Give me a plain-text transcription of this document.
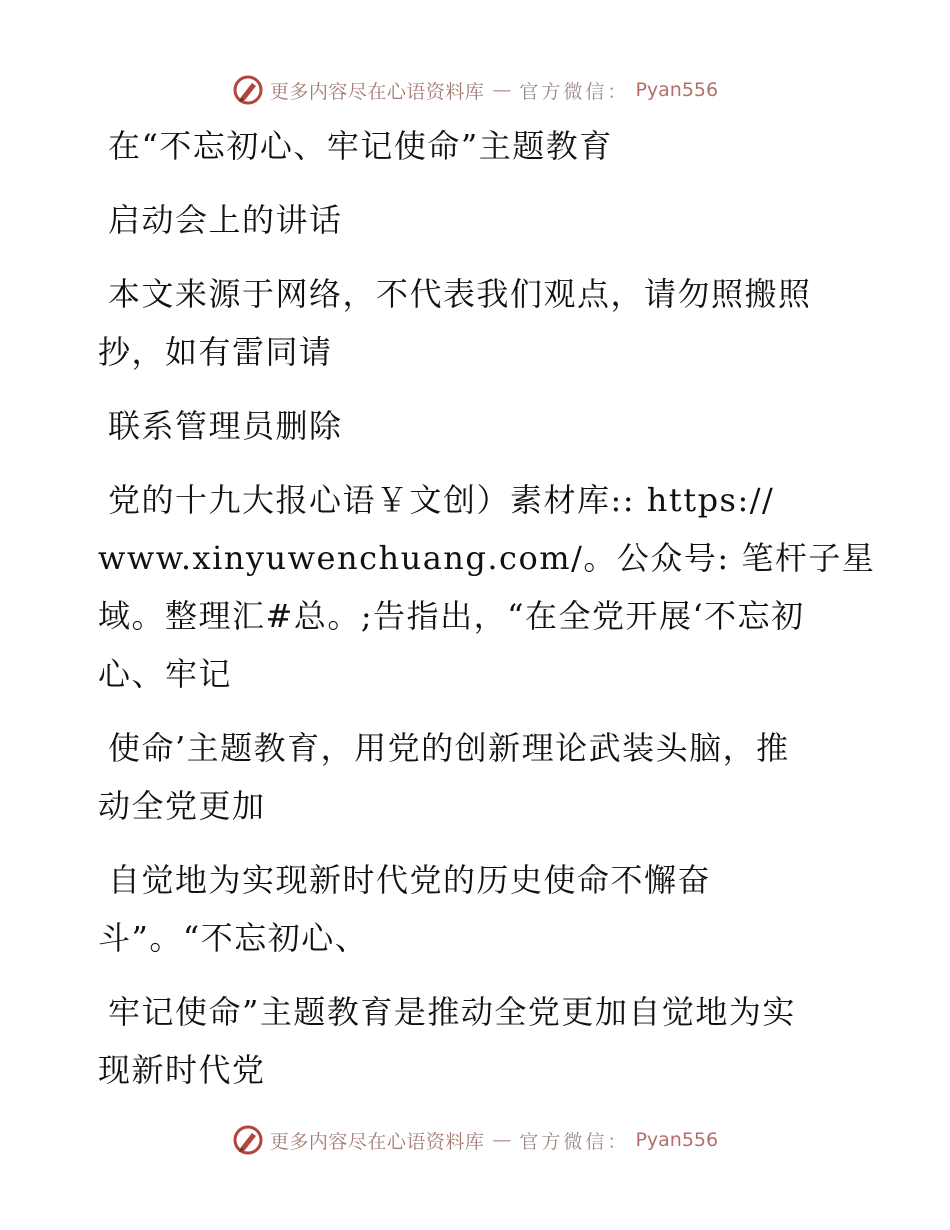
更多内容尽在心语资料库 — 官方微信： Pyan556
在“不忘初心、牢记使命”主题教育
启动会上的讲话
本文来源于网络，不代表我们观点，请勿照搬照
抄，如有雷同请
联系管理员删除
党的十九大报心语￥文创）素材库:: https://
www.xinyuwenchuang.com/。公众号: 笔杆子星
域。整理汇#总。;告指出，“在全党开展‘不忘初
心、牢记
使命’主题教育，用党的创新理论武装头脑，推
动全党更加
自觉地为实现新时代党的历史使命不懈奋
斗”。“不忘初心、
牢记使命”主题教育是推动全党更加自觉地为实
现新时代党
更多内容尽在心语资料库 — 官方微信： Pyan556
